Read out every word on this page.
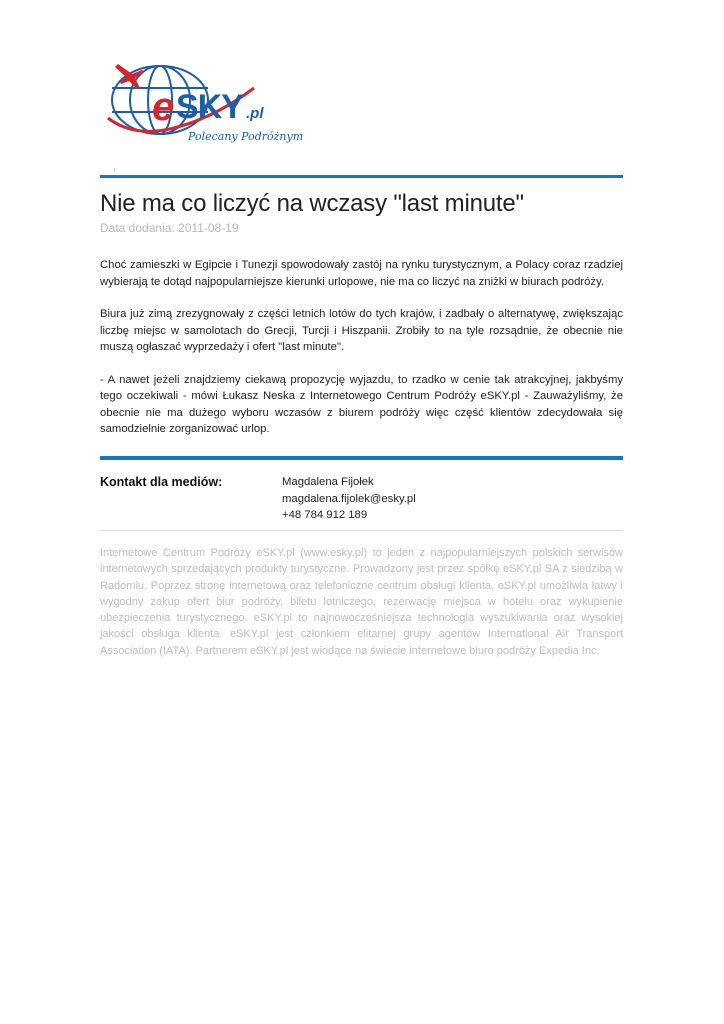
e SKY .pl
Polecany Podróżnym
Nie ma co liczyć na wczasy "last minute"
Data dodania: 2011-08-19

Choć zamieszki w Egipcie i Tunezji spowodowały zastój na rynku turystycznym, a Polacy coraz rzadziej wybierają te dotąd najpopularniejsze kierunki urlopowe, nie ma co liczyć na zniżki w biurach podróży.

Biura już zimą zrezygnowały z części letnich lotów do tych krajów, i zadbały o alternatywę, zwiększając liczbę miejsc w samolotach do Grecji, Turcji i Hiszpanii. Zrobiły to na tyle rozsądnie, że obecnie nie muszą ogłaszać wyprzedaży i ofert "last minute".

- A nawet jeżeli znajdziemy ciekawą propozycję wyjazdu, to rzadko w cenie tak atrakcyjnej, jakbyśmy tego oczekiwali - mówi Łukasz Neska z Internetowego Centrum Podróży eSKY.pl - Zauważyliśmy, że obecnie nie ma dużego wyboru wczasów z biurem podróży więc część klientów zdecydowała się samodzielnie zorganizować urlop.

Kontakt dla mediów:	Magdalena Fijołek
magdalena.fijolek@esky.pl
+48 784 912 189
Internetowe Centrum Podróży eSKY.pl (www.esky.pl) to jeden z najpopularniejszych polskich serwisów internetowych sprzedających produkty turystyczne. Prowadzony jest przez spółkę eSKY.pl SA z siedzibą w Radomiu. Poprzez stronę internetową oraz telefoniczne centrum obsługi klienta, eSKY.pl umożliwia łatwy i wygodny zakup ofert biur podróży, biletu lotniczego, rezerwację miejsca w hotelu oraz wykupienie ubezpieczenia turystycznego. eSKY.pl to najnowocześniejsza technologia wyszukiwania oraz wysokiej jakości obsługa klienta. eSKY.pl jest członkiem elitarnej grupy agentów International Air Transport Association (IATA). Partnerem eSKY.pl jest wiodące na świecie internetowe biuro podróży Expedia Inc.
